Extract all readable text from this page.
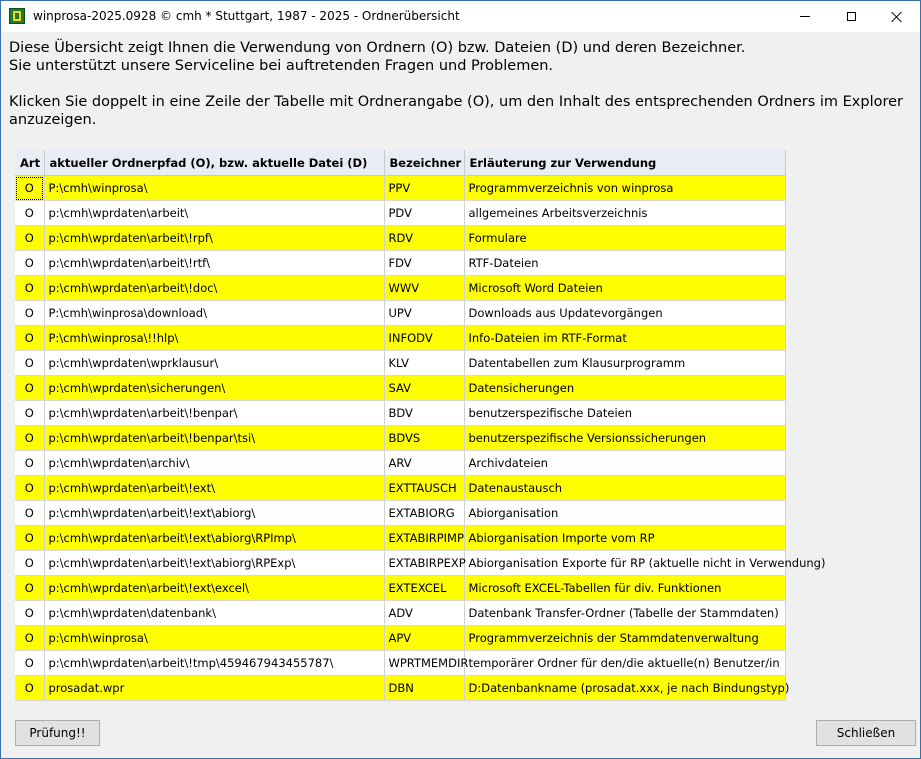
winprosa-2025.0928 © cmh * Stuttgart, 1987 - 2025 - Ordnerübersicht

Diese Übersicht zeigt Ihnen die Verwendung von Ordnern (O) bzw. Dateien (D) und deren Bezeichner.

Sie unterstützt unsere Serviceline bei auftretenden Fragen und Problemen.

Klicken Sie doppelt in eine Zeile der Tabelle mit Ordnerangabe (O), um den Inhalt des entsprechenden Ordners im Explorer

anzuzeigen.

Art	aktueller Ordnerpfad (O), bzw. aktuelle Datei (D)	Bezeichner	Erläuterung zur Verwendung
O	P:\cmh\winprosa\	PPV	Programmverzeichnis von winprosa
O	p:\cmh\wprdaten\arbeit\	PDV	allgemeines Arbeitsverzeichnis
O	p:\cmh\wprdaten\arbeit\!rpf\	RDV	Formulare
O	p:\cmh\wprdaten\arbeit\!rtf\	FDV	RTF-Dateien
O	p:\cmh\wprdaten\arbeit\!doc\	WWV	Microsoft Word Dateien
O	P:\cmh\winprosa\download\	UPV	Downloads aus Updatevorgängen
O	P:\cmh\winprosa\!!hlp\	INFODV	Info-Dateien im RTF-Format
O	p:\cmh\wprdaten\wprklausur\	KLV	Datentabellen zum Klausurprogramm
O	p:\cmh\wprdaten\sicherungen\	SAV	Datensicherungen
O	p:\cmh\wprdaten\arbeit\!benpar\	BDV	benutzerspezifische Dateien
O	p:\cmh\wprdaten\arbeit\!benpar\tsi\	BDVS	benutzerspezifische Versionssicherungen
O	p:\cmh\wprdaten\archiv\	ARV	Archivdateien
O	p:\cmh\wprdaten\arbeit\!ext\	EXTTAUSCH	Datenaustausch
O	p:\cmh\wprdaten\arbeit\!ext\abiorg\	EXTABIORG	Abiorganisation
O	p:\cmh\wprdaten\arbeit\!ext\abiorg\RPImp\	EXTABIRPIMP	Abiorganisation Importe vom RP
O	p:\cmh\wprdaten\arbeit\!ext\abiorg\RPExp\	EXTABIRPEXP	Abiorganisation Exporte für RP (aktuelle nicht in Verwendung)
O	p:\cmh\wprdaten\arbeit\!ext\excel\	EXTEXCEL	Microsoft EXCEL-Tabellen für div. Funktionen
O	p:\cmh\wprdaten\datenbank\	ADV	Datenbank Transfer-Ordner (Tabelle der Stammdaten)
O	p:\cmh\winprosa\	APV	Programmverzeichnis der Stammdatenverwaltung
O	p:\cmh\wprdaten\arbeit\!tmp\459467943455787\	WPRTMEMDIR	temporärer Ordner für den/die aktuelle(n) Benutzer/in
O	prosadat.wpr	DBN	D:Datenbankname (prosadat.xxx, je nach Bindungstyp)
Prüfung!!	Schließen
